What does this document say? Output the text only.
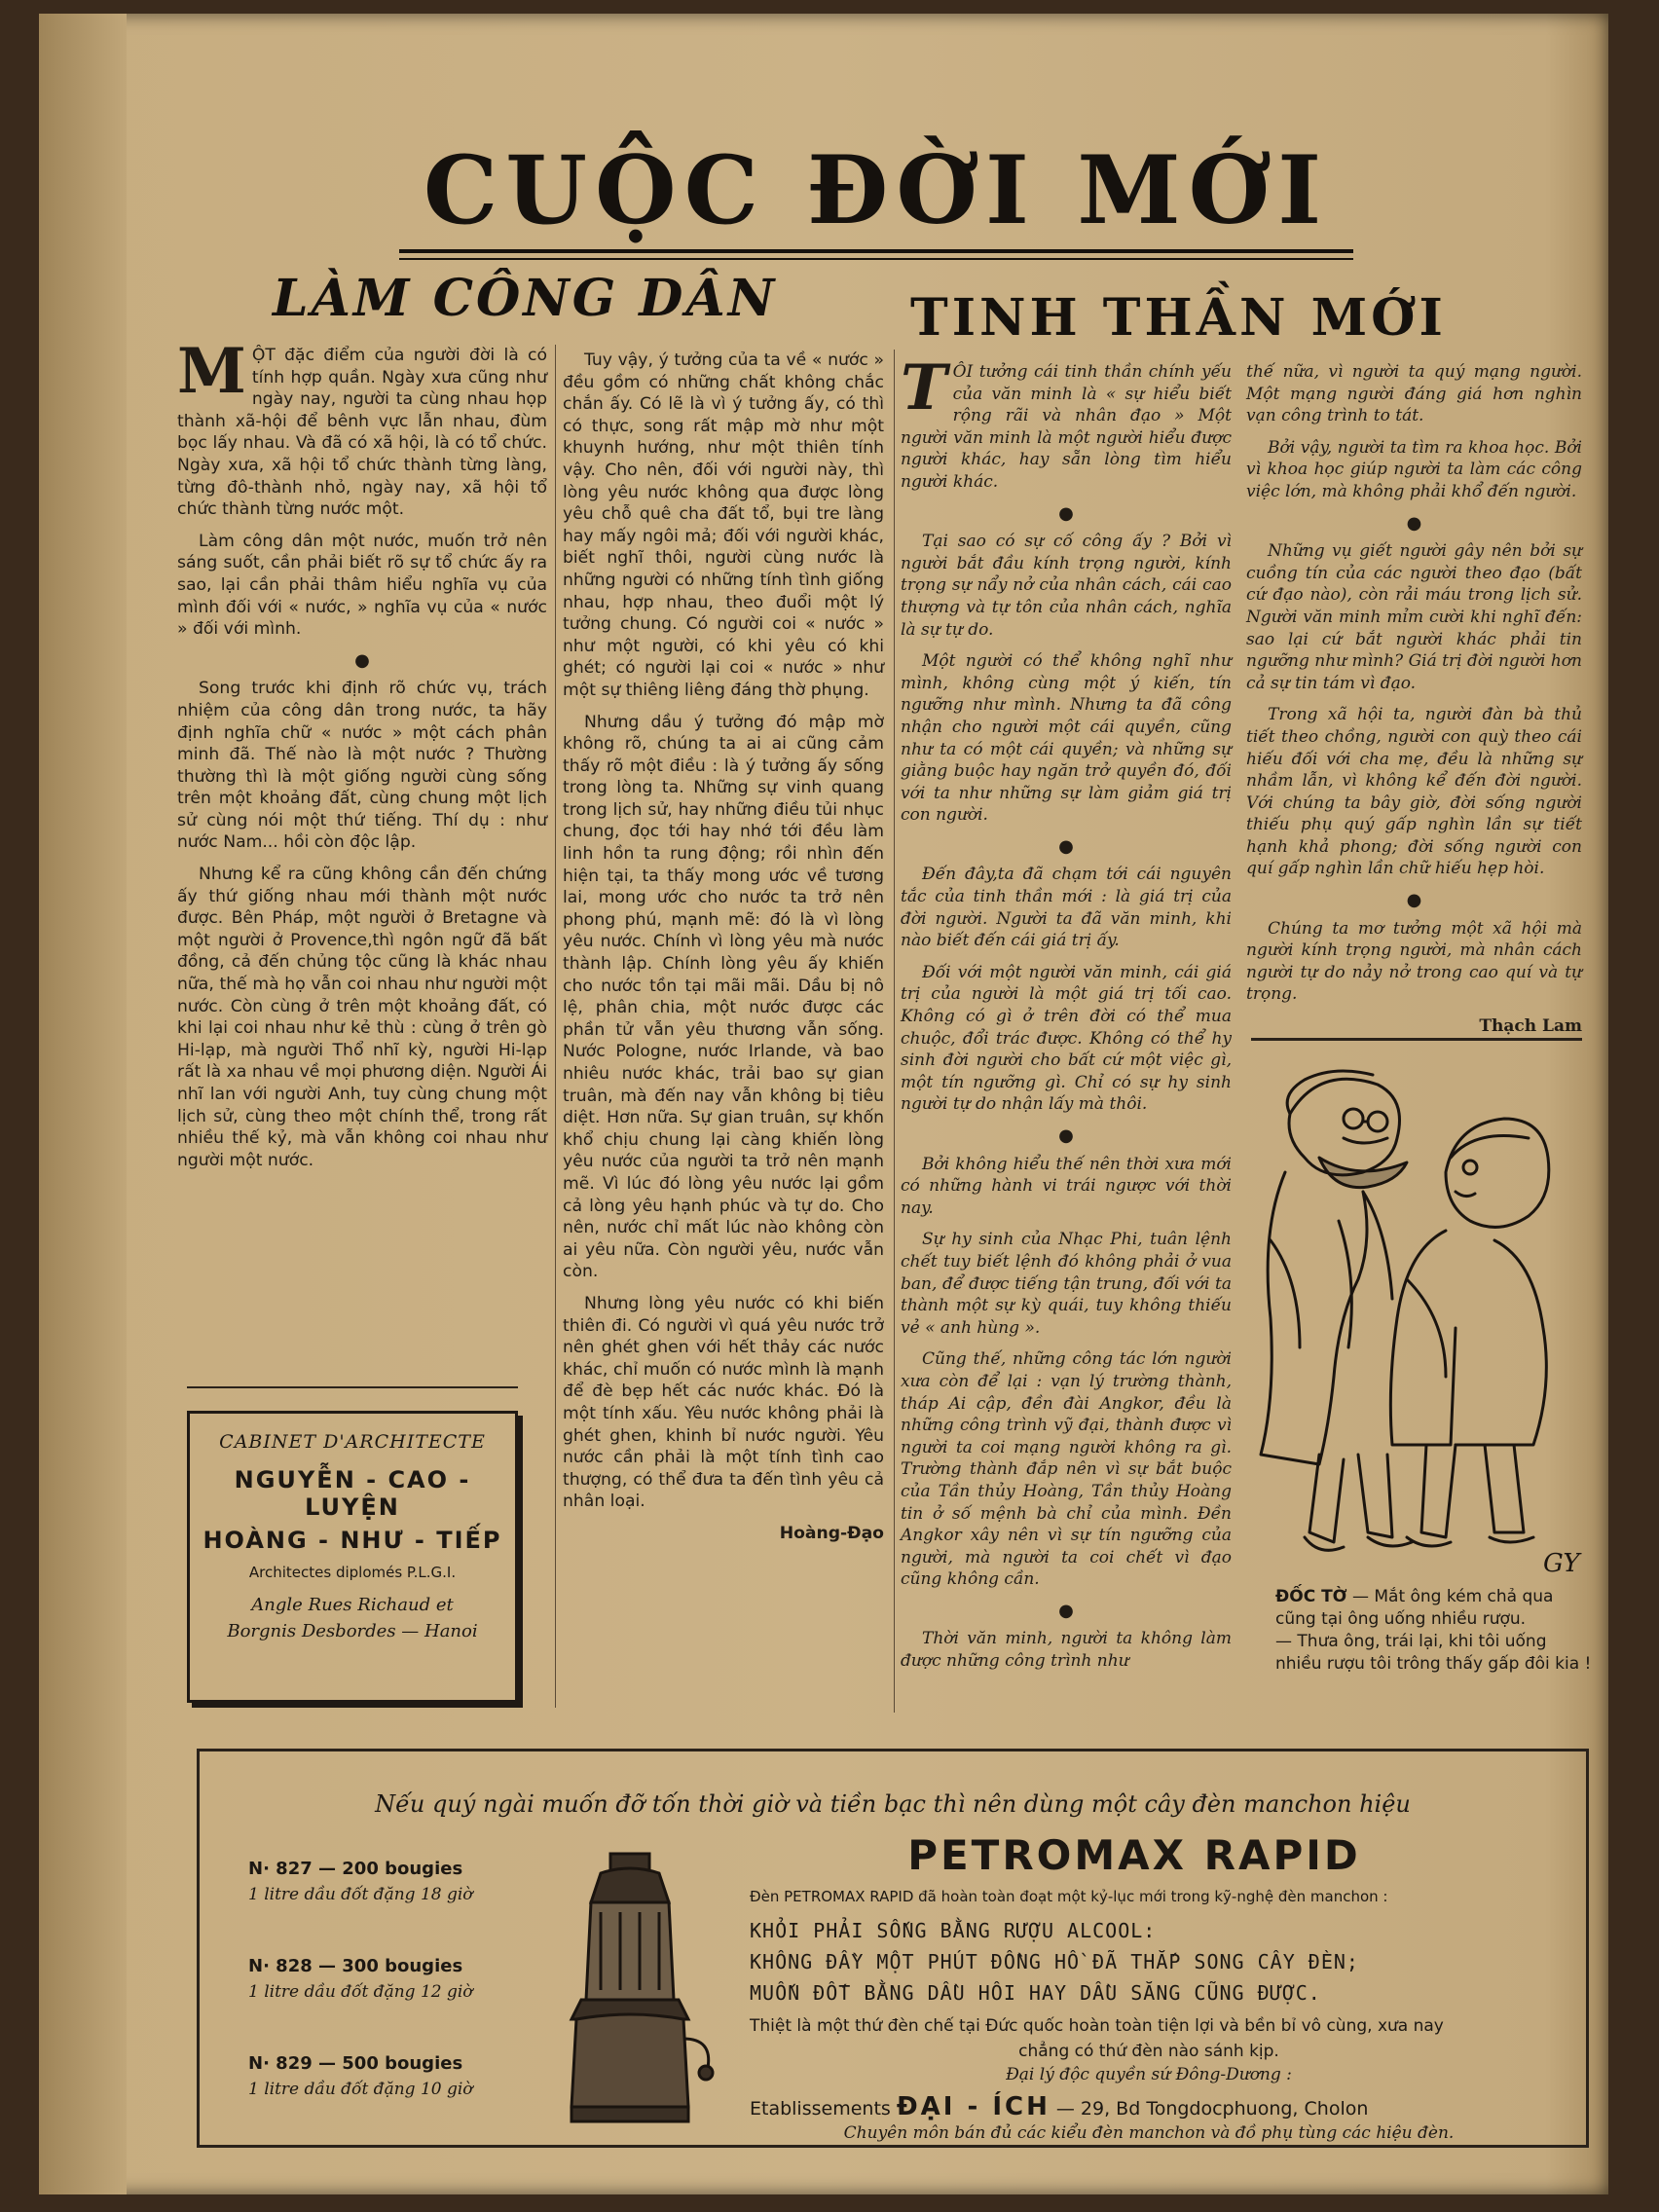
CUỘC ĐỜI MỚI
LÀM CÔNG DÂN	TINH THẦN MỚI

MỘT đặc điểm của người đời là có tính hợp quần. Ngày xưa cũng như ngày nay, người ta cùng nhau họp thành xã-hội để bênh vực lẫn nhau, đùm bọc lấy nhau. Và đã có xã hội, là có tổ chức. Ngày xưa, xã hội tổ chức thành từng làng, từng đô-thành nhỏ, ngày nay, xã hội tổ chức thành từng nước một.

Làm công dân một nước, muốn trở nên sáng suốt, cần phải biết rõ sự tổ chức ấy ra sao, lại cần phải thâm hiểu nghĩa vụ của mình đối với « nước, » nghĩa vụ của « nước » đối với mình.

●

Song trước khi định rõ chức vụ, trách nhiệm của công dân trong nước, ta hãy định nghĩa chữ « nước » một cách phân minh đã. Thế nào là một nước ? Thường thường thì là một giống người cùng sống trên một khoảng đất, cùng chung một lịch sử cùng nói một thứ tiếng. Thí dụ : như nước Nam... hồi còn độc lập.

Nhưng kể ra cũng không cần đến chứng ấy thứ giống nhau mới thành một nước được. Bên Pháp, một người ở Bretagne và một người ở Provence,thì ngôn ngữ đã bất đồng, cả đến chủng tộc cũng là khác nhau nữa, thế mà họ vẫn coi nhau như người một nước. Còn cùng ở trên một khoảng đất, có khi lại coi nhau như kẻ thù : cùng ở trên gò Hi-lạp, mà người Thổ nhĩ kỳ, người Hi-lạp rất là xa nhau về mọi phương diện. Người Ái nhĩ lan với người Anh, tuy cùng chung một lịch sử, cùng theo một chính thể, trong rất nhiều thế kỷ, mà vẫn không coi nhau như người một nước.

Tuy vậy, ý tưởng của ta về « nước » đều gồm có những chất không chắc chắn ấy. Có lẽ là vì ý tưởng ấy, có thì có thực, song rất mập mờ như một khuynh hướng, như một thiên tính vậy. Cho nên, đối với người này, thì lòng yêu nước không qua được lòng yêu chỗ quê cha đất tổ, bụi tre làng hay mấy ngôi mả; đối với người khác, biết nghĩ thôi, người cùng nước là những người có những tính tình giống nhau, hợp nhau, theo đuổi một lý tưởng chung. Có người coi « nước » như một người, có khi yêu có khi ghét; có người lại coi « nước » như một sự thiêng liêng đáng thờ phụng.

Nhưng dầu ý tưởng đó mập mờ không rõ, chúng ta ai ai cũng cảm thấy rõ một điều : là ý tưởng ấy sống trong lòng ta. Những sự vinh quang trong lịch sử, hay những điều tủi nhục chung, đọc tới hay nhớ tới đều làm linh hồn ta rung động; rồi nhìn đến hiện tại, ta thấy mong ước về tương lai, mong ước cho nước ta trở nên phong phú, mạnh mẽ: đó là vì lòng yêu nước. Chính vì lòng yêu mà nước thành lập. Chính lòng yêu ấy khiến cho nước tồn tại mãi mãi. Dầu bị nô lệ, phân chia, một nước được các phần tử vẫn yêu thương vẫn sống. Nước Pologne, nước Irlande, và bao nhiêu nước khác, trải bao sự gian truân, mà đến nay vẫn không bị tiêu diệt. Hơn nữa. Sự gian truân, sự khốn khổ chịu chung lại càng khiến lòng yêu nước của người ta trở nên mạnh mẽ. Vì lúc đó lòng yêu nước lại gồm cả lòng yêu hạnh phúc và tự do. Cho nên, nước chỉ mất lúc nào không còn ai yêu nữa. Còn người yêu, nước vẫn còn.

Nhưng lòng yêu nước có khi biến thiên đi. Có người vì quá yêu nước trở nên ghét ghen với hết thảy các nước khác, chỉ muốn có nước mình là mạnh để đè bẹp hết các nước khác. Đó là một tính xấu. Yêu nước không phải là ghét ghen, khinh bỉ nước người. Yêu nước cần phải là một tính tình cao thượng, có thể đưa ta đến tình yêu cả nhân loại.

Hoàng-Đạo

TÔI tưởng cái tinh thần chính yếu của văn minh là « sự hiểu biết rộng rãi và nhân đạo » Một người văn minh là một người hiểu được người khác, hay sẵn lòng tìm hiểu người khác.

●

Tại sao có sự cố công ấy ? Bởi vì người bắt đầu kính trọng người, kính trọng sự nẩy nở của nhân cách, cái cao thượng và tự tôn của nhân cách, nghĩa là sự tự do.

Một người có thể không nghĩ như mình, không cùng một ý kiến, tín ngưỡng như mình. Nhưng ta đã công nhận cho người một cái quyền, cũng như ta có một cái quyền; và những sự giằng buộc hay ngăn trở quyền đó, đối với ta như những sự làm giảm giá trị con người.

●

Đến đây,ta đã chạm tới cái nguyên tắc của tinh thần mới : là giá trị của đời người. Người ta đã văn minh, khi nào biết đến cái giá trị ấy.

Đối với một người văn minh, cái giá trị của người là một giá trị tối cao. Không có gì ở trên đời có thể mua chuộc, đổi trác được. Không có thể hy sinh đời người cho bất cứ một việc gì, một tín ngưỡng gì. Chỉ có sự hy sinh người tự do nhận lấy mà thôi.

●

Bởi không hiểu thế nên thời xưa mới có những hành vi trái ngược với thời nay.

Sự hy sinh của Nhạc Phi, tuân lệnh chết tuy biết lệnh đó không phải ở vua ban, để được tiếng tận trung, đối với ta thành một sự kỳ quái, tuy không thiếu vẻ « anh hùng ».

Cũng thế, những công tác lớn người xưa còn để lại : vạn lý trường thành, tháp Ai cập, đền đài Angkor, đều là những công trình vỹ đại, thành được vì người ta coi mạng người không ra gì. Trường thành đắp nên vì sự bắt buộc của Tần thủy Hoàng, Tần thủy Hoàng tin ở số mệnh bà chỉ của mình. Đền Angkor xây nên vì sự tín ngưỡng của người, mà người ta coi chết vì đạo cũng không cần.

●

Thời văn minh, người ta không làm được những công trình như

thế nữa, vì người ta quý mạng người. Một mạng người đáng giá hơn nghìn vạn công trình to tát.

Bởi vậy, người ta tìm ra khoa học. Bởi vì khoa học giúp người ta làm các công việc lớn, mà không phải khổ đến người.

●

Những vụ giết người gây nên bởi sự cuồng tín của các người theo đạo (bất cứ đạo nào), còn rải máu trong lịch sử. Người văn minh mỉm cười khi nghĩ đến: sao lại cứ bắt người khác phải tin ngưỡng như mình? Giá trị đời người hơn cả sự tin tám vì đạo.

Trong xã hội ta, người đàn bà thủ tiết theo chồng, người con quỳ theo cái hiếu đối với cha mẹ, đều là những sự nhầm lẫn, vì không kể đến đời người. Với chúng ta bây giờ, đời sống người thiếu phụ quý gấp nghìn lần sự tiết hạnh khả phong; đời sống người con quí gấp nghìn lần chữ hiếu hẹp hòi.

●

Chúng ta mơ tưởng một xã hội mà người kính trọng người, mà nhân cách người tự do nảy nở trong cao quí và tự trọng.

Thạch Lam
CABINET D'ARCHITECTE
NGUYỄN - CAO - LUYỆN
HOÀNG - NHƯ - TIẾP
Architectes diplomés P.L.G.I.
Angle Rues Richaud et
Borgnis Desbordes — Hanoi
GY
ĐỐC TỜ — Mắt ông kém chả qua cũng tại ông uống nhiều rượu.
— Thưa ông, trái lại, khi tôi uống nhiều rượu tôi trông thấy gấp đôi kia !
Nếu quý ngài muốn đỡ tốn thời giờ và tiền bạc thì nên dùng một cây đèn manchon hiệu
N· 827 — 200 bougies
1 litre dầu đốt đặng 18 giờ
N· 828 — 300 bougies
1 litre dầu đốt đặng 12 giờ
N· 829 — 500 bougies
1 litre dầu đốt đặng 10 giờ
PETROMAX RAPID
Đèn PETROMAX RAPID đã hoàn toàn đoạt một kỷ-lục mới trong kỹ-nghệ đèn manchon :
KHỎI PHẢI SỐNG BẰNG RƯỢU ALCOOL:
KHÔNG ĐẦY MỘT PHÚT ĐỒNG HỒ ĐÃ THẮP SONG CÂY ĐÈN;
MUỐN ĐỐT BẰNG DẦU HÔI HAY DẦU SĂNG CŨNG ĐƯỢC.
Thiệt là một thứ đèn chế tại Đức quốc hoàn toàn tiện lợi và bền bỉ vô cùng, xưa nay
chẳng có thứ đèn nào sánh kịp.
Đại lý độc quyền sứ Đông-Dương :
Etablissements ĐẠI - ÍCH — 29, Bd Tongdocphuong, Cholon
Chuyên môn bán đủ các kiểu đèn manchon và đồ phụ tùng các hiệu đèn.
